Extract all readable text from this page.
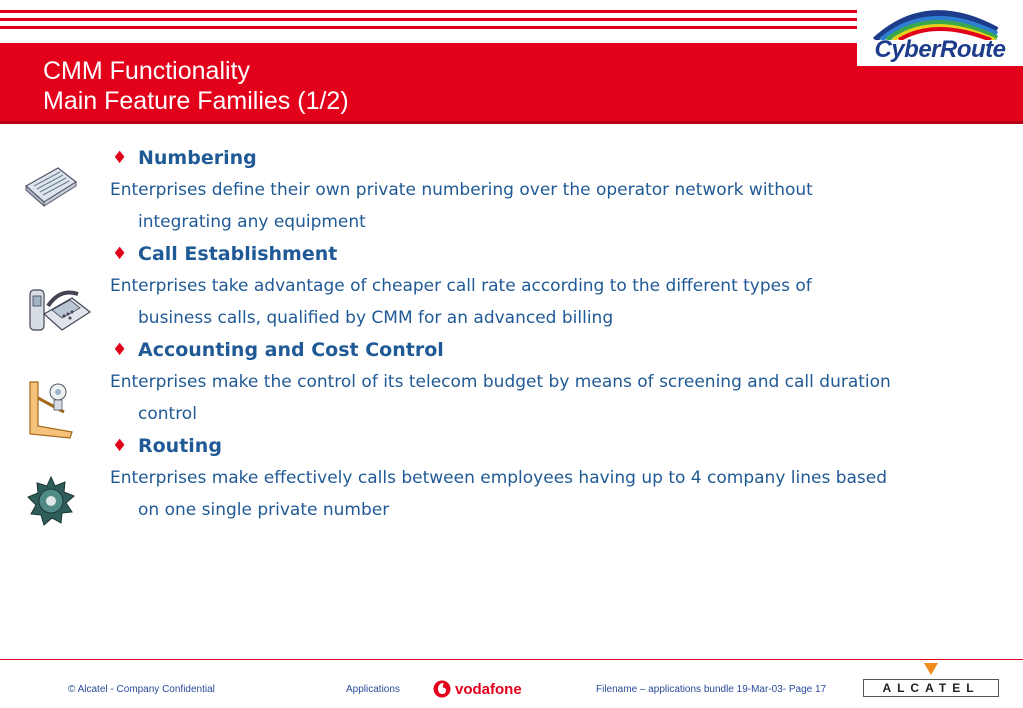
CMM Functionality
Main Feature Families (1/2)
CyberRoute
♦ Numbering
Enterprises define their own private numbering over the operator network without
integrating any equipment
♦ Call Establishment
Enterprises take advantage of cheaper call rate according to the different types of
business calls, qualified by CMM for an advanced billing
♦ Accounting and Cost Control
Enterprises make the control of its telecom budget by means of screening and call duration
control
♦ Routing
Enterprises make effectively calls between employees having up to 4 company lines based
on one single private number
© Alcatel - Company Confidential	Applications	vodafone	Filename – applications bundle 19-Mar-03- Page 17	ALCATEL
